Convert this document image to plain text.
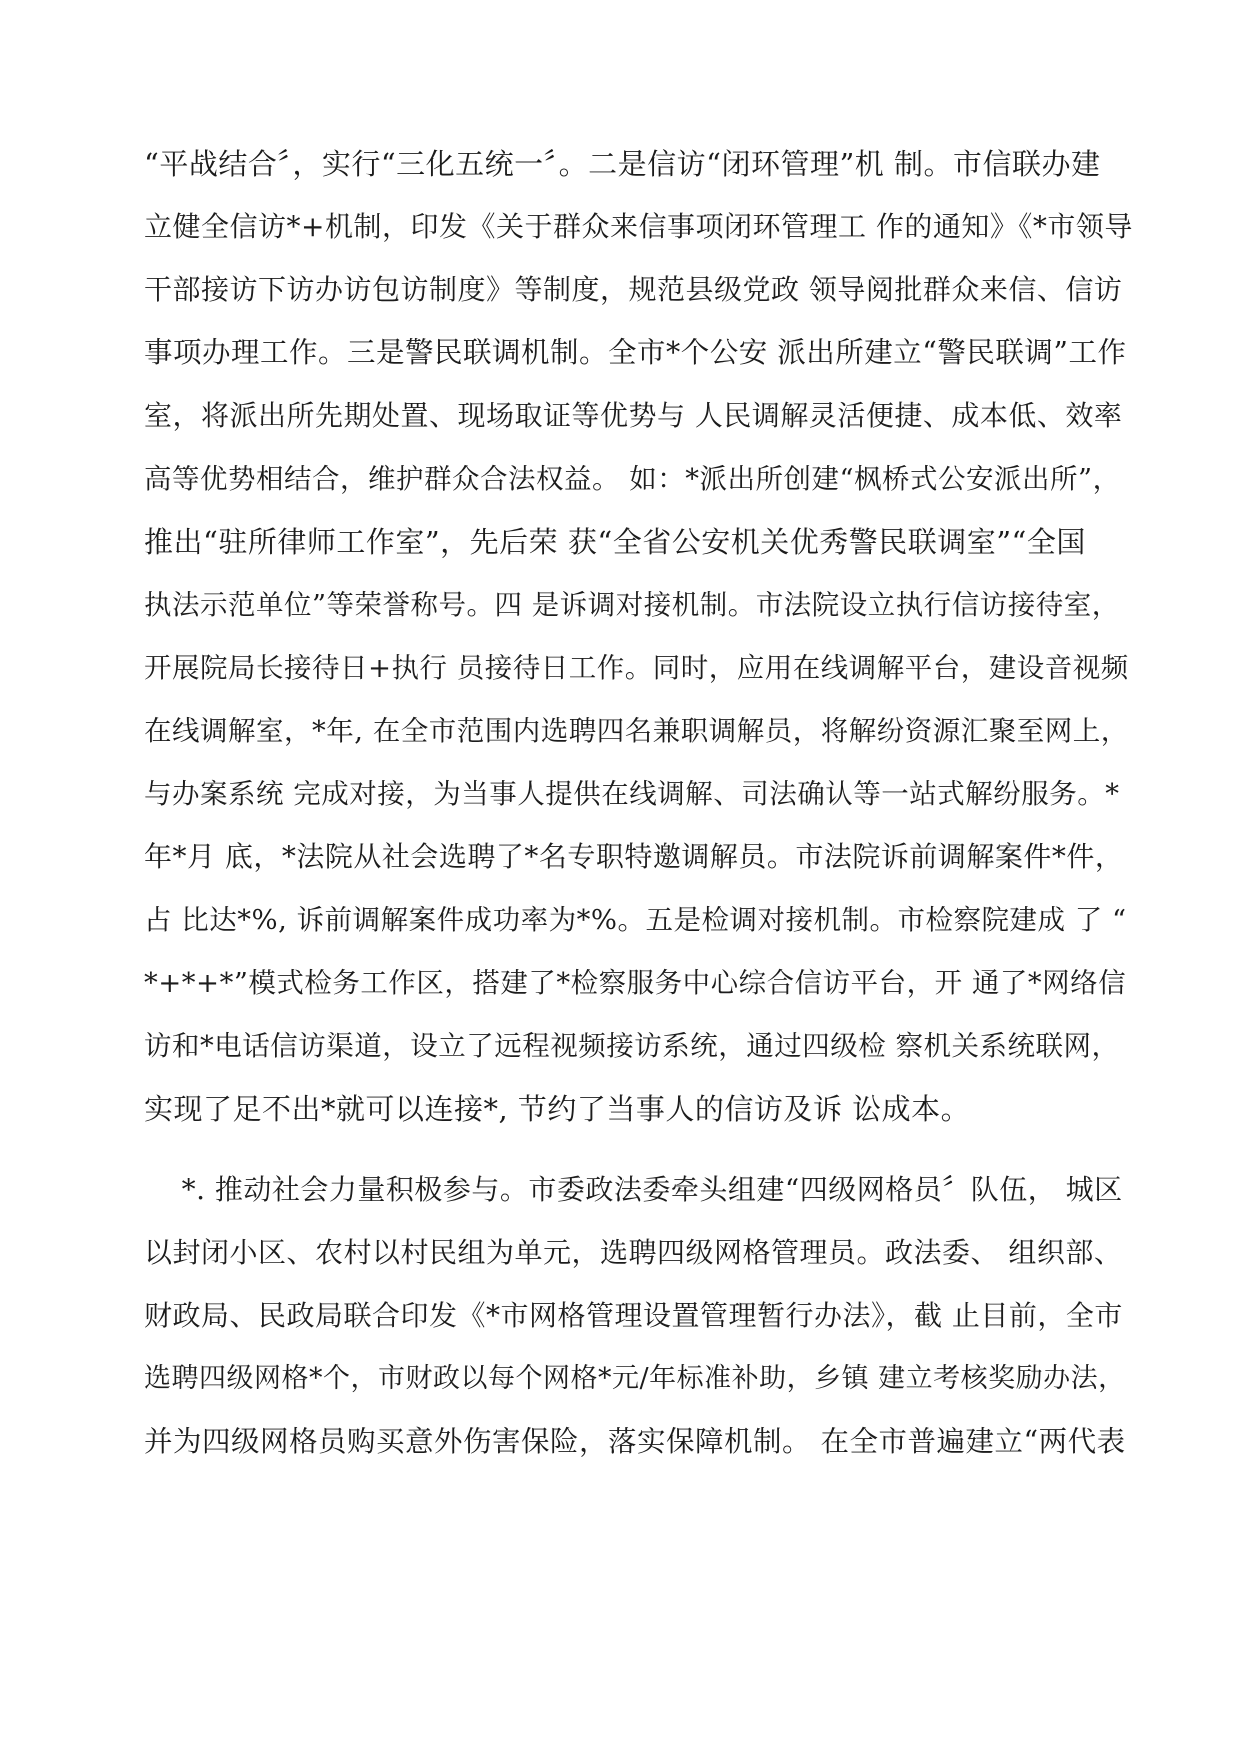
“平战结合〞，实行“三化五统一〞。二是信访“闭环管理”机 制。市信联办建
立健全信访*+机制，印发《关于群众来信事项闭环管理工 作的通知》《*市领导
干部接访下访办访包访制度》等制度，规范县级党政 领导阅批群众来信、信访
事项办理工作。三是警民联调机制。全市*个公安 派出所建立“警民联调”工作
室，将派出所先期处置、现场取证等优势与 人民调解灵活便捷、成本低、效率
高等优势相结合，维护群众合法权益。 如：*派出所创建“枫桥式公安派出所”，
推出“驻所律师工作室”，先后荣 获“全省公安机关优秀警民联调室”“全国
执法示范单位”等荣誉称号。四 是诉调对接机制。市法院设立执行信访接待室，
开展院局长接待日+执行 员接待日工作。同时，应用在线调解平台，建设音视频
在线调解室，*年, 在全市范围内选聘四名兼职调解员，将解纷资源汇聚至网上，
与办案系统 完成对接，为当事人提供在线调解、司法确认等一站式解纷服务。*
年*月 底，*法院从社会选聘了*名专职特邀调解员。市法院诉前调解案件*件，
占 比达*%, 诉前调解案件成功率为*%。五是检调对接机制。市检察院建成 了 “
*+*+*”模式检务工作区，搭建了*检察服务中心综合信访平台，开 通了*网络信
访和*电话信访渠道，设立了远程视频接访系统，通过四级检 察机关系统联网，
实现了足不出*就可以连接*, 节约了当事人的信访及诉 讼成本。
*. 推动社会力量积极参与。市委政法委牵头组建“四级网格员〞队伍， 城区
以封闭小区、农村以村民组为单元，选聘四级网格管理员。政法委、 组织部、
财政局、民政局联合印发《*市网格管理设置管理暂行办法》，截 止目前，全市
选聘四级网格*个，市财政以每个网格*元/年标准补助，乡镇 建立考核奖励办法，
并为四级网格员购买意外伤害保险，落实保障机制。 在全市普遍建立“两代表
